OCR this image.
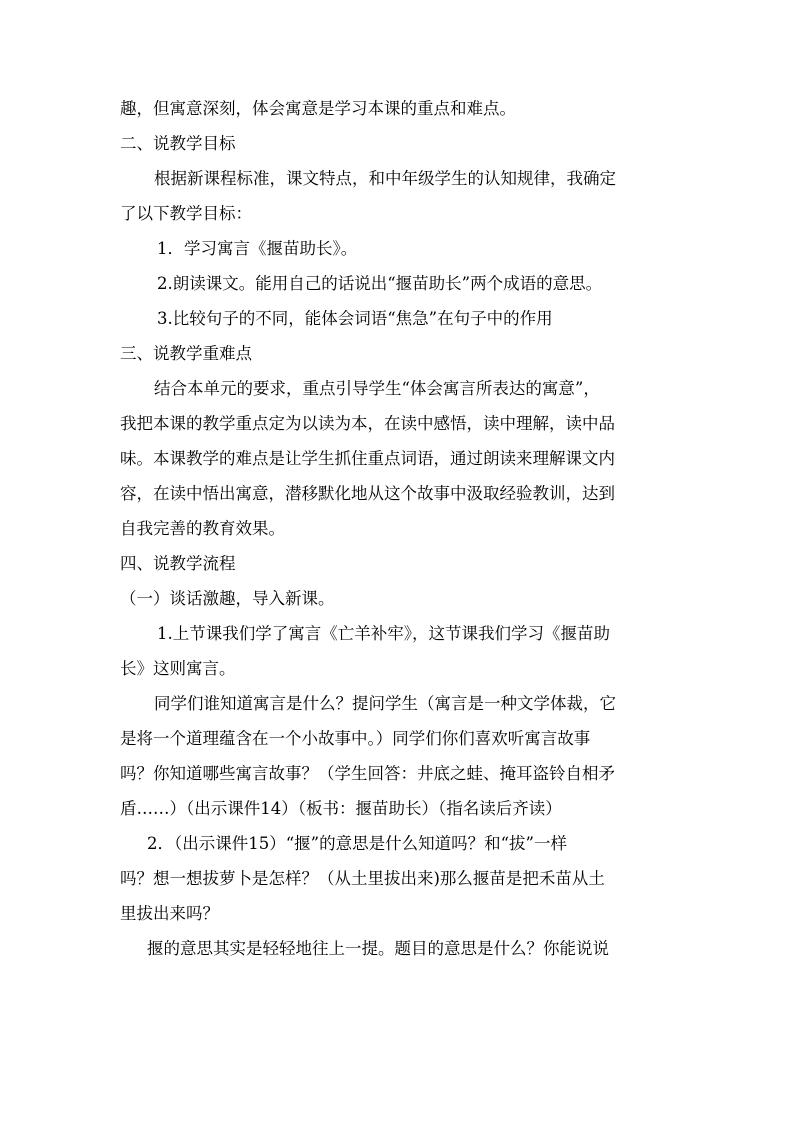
趣，但寓意深刻，体会寓意是学习本课的重点和难点。
二、说教学目标
根据新课程标准，课文特点，和中年级学生的认知规律，我确定
了以下教学目标：
1．学习寓言《揠苗助长》。
2.朗读课文。能用自己的话说出“揠苗助长”两个成语的意思。
3.比较句子的不同，能体会词语“焦急”在句子中的作用
三、说教学重难点
结合本单元的要求，重点引导学生“体会寓言所表达的寓意”，
我把本课的教学重点定为以读为本，在读中感悟，读中理解，读中品
味。本课教学的难点是让学生抓住重点词语，通过朗读来理解课文内
容，在读中悟出寓意，潜移默化地从这个故事中汲取经验教训，达到
自我完善的教育效果。
四、说教学流程
（一）谈话激趣，导入新课。
1.上节课我们学了寓言《亡羊补牢》，这节课我们学习《揠苗助
长》这则寓言。
同学们谁知道寓言是什么？提问学生（寓言是一种文学体裁，它
是将一个道理蕴含在一个小故事中。）同学们你们喜欢听寓言故事
吗？你知道哪些寓言故事？（学生回答：井底之蛙、掩耳盗铃自相矛
盾……）（出示课件14）（板书：揠苗助长）（指名读后齐读）
2．（出示课件15）“揠”的意思是什么知道吗？和“拔”一样
吗？想一想拔萝卜是怎样？（从土里拔出来)那么揠苗是把禾苗从土
里拔出来吗？
揠的意思其实是轻轻地往上一提。题目的意思是什么？你能说说
